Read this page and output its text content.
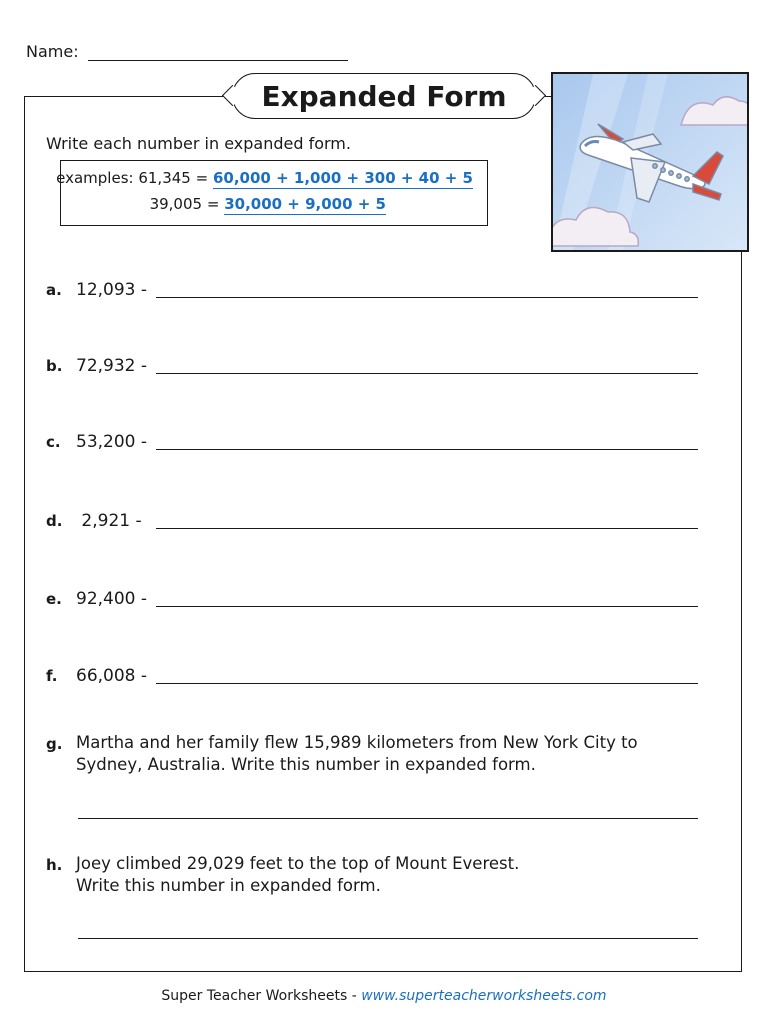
Name:
Expanded Form
Write each number in expanded form.
examples: 61,345 = 60,000 + 1,000 + 300 + 40 + 5
39,005 = 30,000 + 9,000 + 5
a. 12,093 -
b. 72,932 -
c. 53,200 -
d. 2,921 -
e. 92,400 -
f.	66,008 -
g. Martha and her family flew 15,989 kilometers from New York City to
Sydney, Australia. Write this number in expanded form.
h. Joey climbed 29,029 feet to the top of Mount Everest.
Write this number in expanded form.
Super Teacher Worksheets - www.superteacherworksheets.com
